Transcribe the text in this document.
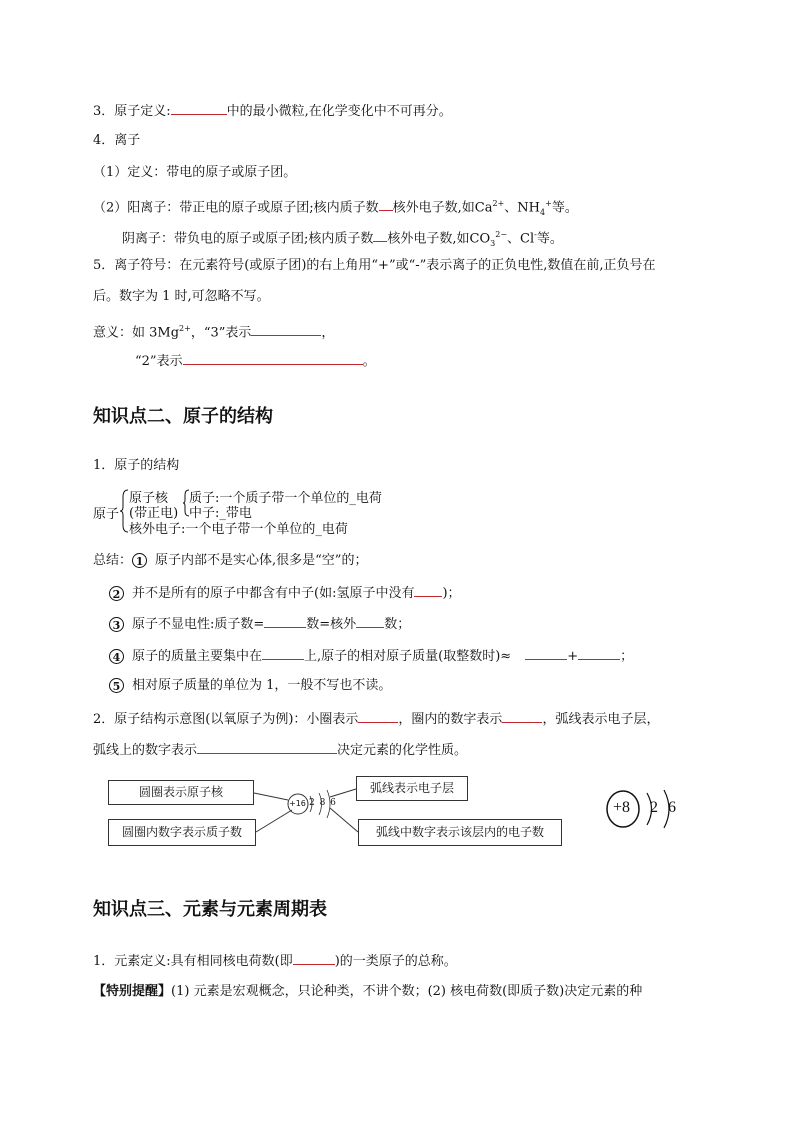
3．原子定义:	中的最小微粒,在化学变化中不可再分。
4．离子
（1）定义：带电的原子或原子团。
（2）阳离子：带正电的原子或原子团;核内质子数 核外电子数,如$Ca^{2+}$、$NH_4^+$等。
阴离子：带负电的原子或原子团;核内质子数 核外电子数,如$CO_3^{2-}$、Cl-等。
5．离子符号：在元素符号(或原子团)的右上角用“+”或“-”表示离子的正负电性,数值在前,正负号在
后。数字为 1 时,可忽略不写。
意义：如 $3Mg^{2+}$，“3”表示	，
“2”表示	。
知识点二、原子的结构
1．原子的结构
原子
原子核
(带正电)
质子:一个质子带一个单位的_电荷
中子:_带电
核外电子:一个电子带一个单位的_电荷
总结： 1 原子内部不是实心体,很多是“空”的；
2 并不是所有的原子中都含有中子(如:氢原子中没有 )；
3 原子不显电性:质子数=	数=核外 数；
4 原子的质量主要集中在	上,原子的相对原子质量(取整数时)≈	+	；
5 相对原子质量的单位为 1，一般不写也不读。
2．原子结构示意图(以氧原子为例)：小圈表示	，圈内的数字表示	，弧线表示电子层，
弧线上的数字表示	决定元素的化学性质。
圆圈表示原子核
圆圈内数字表示质子数
弧线表示电子层
弧线中数字表示该层内的电子数
+16 2 8 6	+8 2 6
知识点三、元素与元素周期表
1．元素定义:具有相同核电荷数(即	)的一类原子的总称。
【特别提醒】(1) 元素是宏观概念，只论种类，不讲个数；(2) 核电荷数(即质子数)决定元素的种
